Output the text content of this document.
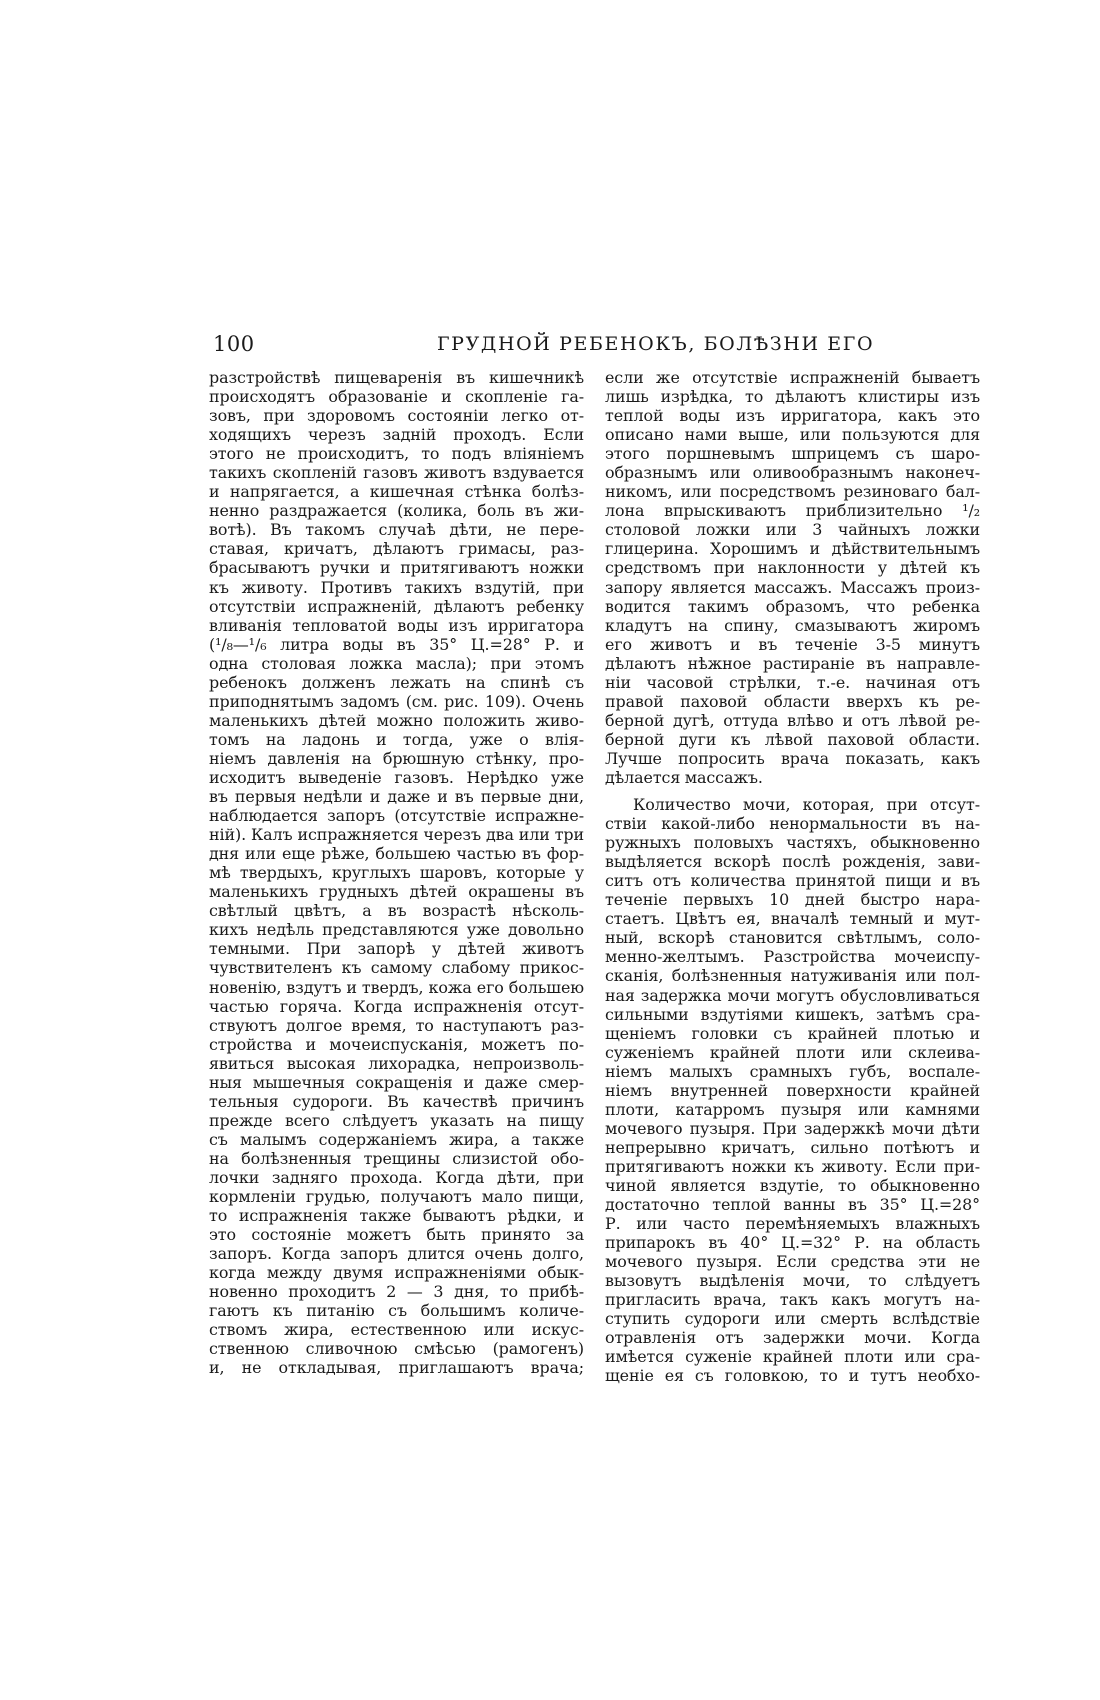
100	ГРУДНОЙ РЕБЕНОКЪ, БОЛѢЗНИ ЕГО
разстройствѣ пищеваренія въ кишечникѣ
происходятъ образованіе и скопленіе га-
зовъ, при здоровомъ состояніи легко от-
ходящихъ черезъ задній проходъ. Если
этого не происходитъ, то подъ вліяніемъ
такихъ скопленій газовъ животъ вздувается
и напрягается, а кишечная стѣнка болѣз-
ненно раздражается (колика, боль въ жи-
вотѣ). Въ такомъ случаѣ дѣти, не пере-
ставая, кричатъ, дѣлаютъ гримасы, раз-
брасываютъ ручки и притягиваютъ ножки
къ животу. Противъ такихъ вздутій, при
отсутствіи испражненій, дѣлаютъ ребенку
вливанія тепловатой воды изъ ирригатора
(¹/₈—¹/₆ литра воды въ 35° Ц.=28° Р. и
одна столовая ложка масла); при этомъ
ребенокъ долженъ лежать на спинѣ съ
приподнятымъ задомъ (см. рис. 109). Очень
маленькихъ дѣтей можно положить живо-
томъ на ладонь и тогда, уже о влія-
ніемъ давленія на брюшную стѣнку, про-
исходитъ выведеніе газовъ. Нерѣдко уже
въ первыя недѣли и даже и въ первые дни,
наблюдается запоръ (отсутствіе испражне-
ній). Калъ испражняется черезъ два или три
дня или еще рѣже, большею частью въ фор-
мѣ твердыхъ, круглыхъ шаровъ, которые у
маленькихъ грудныхъ дѣтей окрашены въ
свѣтлый цвѣтъ, а въ возрастѣ нѣсколь-
кихъ недѣль представляются уже довольно
темными. При запорѣ у дѣтей животъ
чувствителенъ къ самому слабому прикос-
новенію, вздутъ и твердъ, кожа его большею
частью горяча. Когда испражненія отсут-
ствуютъ долгое время, то наступаютъ раз-
стройства и мочеиспусканія, можетъ по-
явиться высокая лихорадка, непроизволь-
ныя мышечныя сокращенія и даже смер-
тельныя судороги. Въ качествѣ причинъ
прежде всего слѣдуетъ указать на пищу
съ малымъ содержаніемъ жира, а также
на болѣзненныя трещины слизистой обо-
лочки задняго прохода. Когда дѣти, при
кормленіи грудью, получаютъ мало пищи,
то испражненія также бываютъ рѣдки, и
это состояніе можетъ быть принято за
запоръ. Когда запоръ длится очень долго,
когда между двумя испражненіями обык-
новенно проходитъ 2 — 3 дня, то прибѣ-
гаютъ къ питанію съ большимъ количе-
ствомъ жира, естественною или искус-
ственною сливочною смѣсью (рамогенъ)
и, не откладывая, приглашаютъ врача;
если же отсутствіе испражненій бываетъ
лишь изрѣдка, то дѣлаютъ клистиры изъ
теплой воды изъ ирригатора, какъ это
описано нами выше, или пользуются для
этого поршневымъ шприцемъ съ шаро-
образнымъ или оливообразнымъ наконеч-
никомъ, или посредствомъ резиноваго бал-
лона впрыскиваютъ приблизительно ¹/₂
столовой ложки или 3 чайныхъ ложки
глицерина. Хорошимъ и дѣйствительнымъ
средствомъ при наклонности у дѣтей къ
запору является массажъ. Массажъ произ-
водится такимъ образомъ, что ребенка
кладутъ на спину, смазываютъ жиромъ
его животъ и въ теченіе 3-5 минутъ
дѣлаютъ нѣжное растираніе въ направле-
ніи часовой стрѣлки, т.-е. начиная отъ
правой паховой области вверхъ къ ре-
берной дугѣ, оттуда влѣво и отъ лѣвой ре-
берной дуги къ лѣвой паховой области.
Лучше попросить врача показать, какъ
дѣлается массажъ.
Количество мочи, которая, при отсут-
ствіи какой-либо ненормальности въ на-
ружныхъ половыхъ частяхъ, обыкновенно
выдѣляется вскорѣ послѣ рожденія, зави-
ситъ отъ количества принятой пищи и въ
теченіе первыхъ 10 дней быстро нара-
стаетъ. Цвѣтъ ея, вначалѣ темный и мут-
ный, вскорѣ становится свѣтлымъ, соло-
менно-желтымъ. Разстройства мочеиспу-
сканія, болѣзненныя натуживанія или пол-
ная задержка мочи могутъ обусловливаться
сильными вздутіями кишекъ, затѣмъ сра-
щеніемъ головки съ крайней плотью и
суженіемъ крайней плоти или склеива-
ніемъ малыхъ срамныхъ губъ, воспале-
ніемъ внутренней поверхности крайней
плоти, катарромъ пузыря или камнями
мочевого пузыря. При задержкѣ мочи дѣти
непрерывно кричатъ, сильно потѣютъ и
притягиваютъ ножки къ животу. Если при-
чиной является вздутіе, то обыкновенно
достаточно теплой ванны въ 35° Ц.=28°
Р. или часто перемѣняемыхъ влажныхъ
припарокъ въ 40° Ц.=32° Р. на область
мочевого пузыря. Если средства эти не
вызовутъ выдѣленія мочи, то слѣдуетъ
пригласить врача, такъ какъ могутъ на-
ступить судороги или смерть вслѣдствіе
отравленія отъ задержки мочи. Когда
имѣется суженіе крайней плоти или сра-
щеніе ея съ головкою, то и тутъ необхо-
